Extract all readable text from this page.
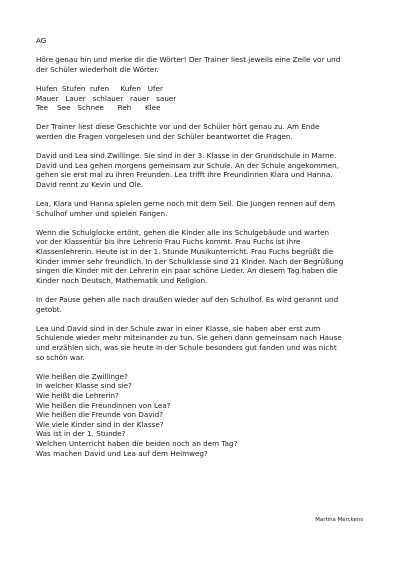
AG
Höre genau hin und merke dir die Wörter! Der Trainer liest jeweils eine Zeile vor und
der Schüler wiederholt die Wörter.
Hufen  Stufen  rufen     Kufen   Ufer
Mauer   Lauer   schlauer   rauer   sauer
Tee    See   Schnee      Reh      Klee
Der Trainer liest diese Geschichte vor und der Schüler hört genau zu. Am Ende
werden die Fragen vorgelesen und der Schüler beantwortet die Fragen.
David und Lea sind Zwillinge. Sie sind in der 3. Klasse in der Grundschule in Marne.
David und Lea gehen morgens gemeinsam zur Schule. An der Schule angekommen,
gehen sie erst mal zu ihren Freunden. Lea trifft ihre Freundinnen Klara und Hanna.
David rennt zu Kevin und Ole.
Lea, Klara und Hanna spielen gerne noch mit dem Seil. Die Jungen rennen auf dem
Schulhof umher und spielen Fangen.
Wenn die Schulglocke ertönt, gehen die Kinder alle ins Schulgebäude und warten
vor der Klassentür bis ihre Lehrerin Frau Fuchs kommt. Frau Fuchs ist ihre
Klassenlehrerin. Heute ist in der 1. Stunde Musikunterricht. Frau Fuchs begrüßt die
Kinder immer sehr freundlich. In der Schulklasse sind 21 Kinder. Nach der Begrüßung
singen die Kinder mit der Lehrerin ein paar schöne Lieder. An diesem Tag haben die
Kinder noch Deutsch, Mathematik und Religion.
In der Pause gehen alle nach draußen wieder auf den Schulhof. Es wird gerannt und
getobt.
Lea und David sind in der Schule zwar in einer Klasse, sie haben aber erst zum
Schulende wieder mehr miteinander zu tun. Sie gehen dann gemeinsam nach Hause
und erzählen sich, was sie heute in der Schule besonders gut fanden und was nicht
so schön war.
Wie heißen die Zwillinge?
In welcher Klasse sind sie?
Wie heißt die Lehrerin?
Wie heißen die Freundinnen von Lea?
Wie heißen die Freunde von David?
Wie viele Kinder sind in der Klasse?
Was ist in der 1. Stunde?
Welchen Unterricht haben die beiden noch an dem Tag?
Was machen David und Lea auf dem Heimweg?
Martina Merckens
